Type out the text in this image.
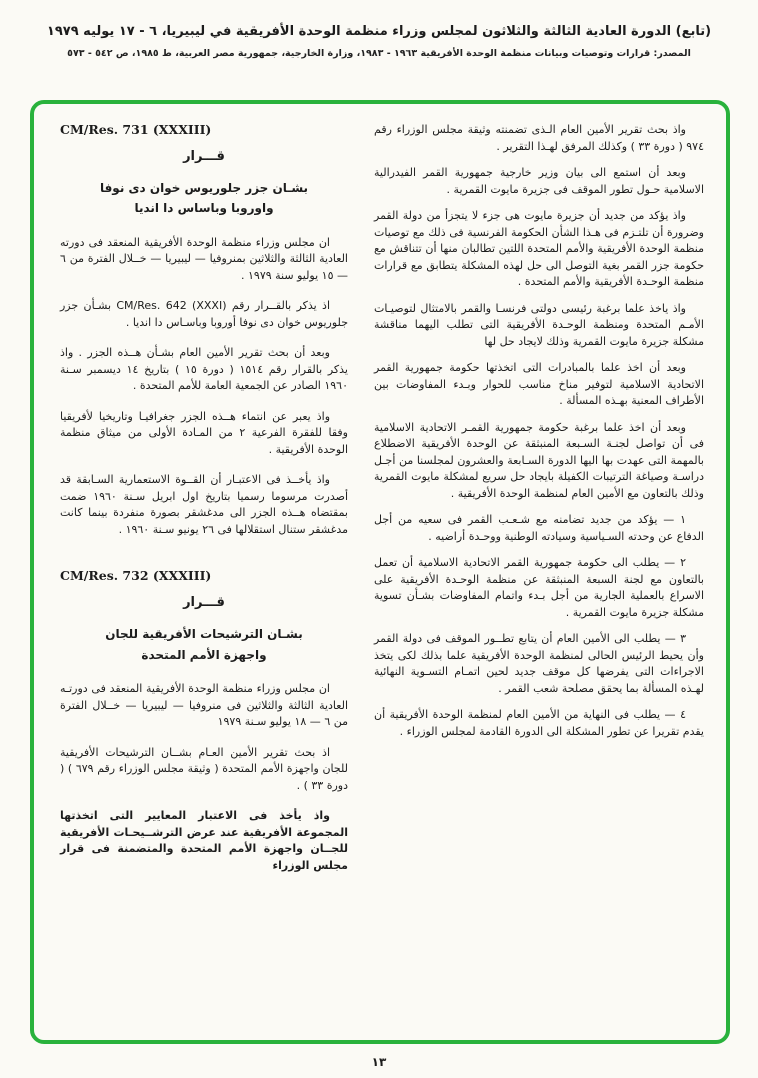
(تابع) الدورة العادية الثالثة والثلاثون لمجلس وزراء منظمة الوحدة الأفريقية في ليبيريا، ٦ - ١٧ يوليه ١٩٧٩
المصدر: قرارات وتوصيات وبيانات منظمة الوحدة الأفريقية ١٩٦٣ - ١٩٨٣، وزارة الخارجية، جمهورية مصر العربية، ط ١٩٨٥، ص ٥٤٢ - ٥٧٣

واذ بحث تقرير الأمين العام الـذى تضمنته وثيقة مجلس الوزراء رقم ٩٧٤ ( دورة ٣٣ ) وكذلك المرفق لهـذا التقرير .

وبعد أن استمع الى بيان وزير خارجية جمهورية القمر الفيدرالية الاسلامية حـول تطور الموقف فى جزيرة مايوت القمرية .

واذ يؤكد من جديد أن جزيرة مايوت هى جزء لا يتجزأ من دولة القمر وضرورة أن تلتـزم فى هـذا الشأن الحكومة الفرنسية فى ذلك مع توصيات منظمة الوحدة الأفريقية والأمم المتحدة اللتين تطالبان منها أن تتناقش مع حكومة جزر القمر بغية التوصل الى حل لهذه المشكلة يتطابق مع قرارات منظمة الوحـدة الأفريقية والأمم المتحدة .

واذ ياخذ علما برغبة رئيسى دولتى فرنسـا والقمر بالامتثال لتوصيـات الأمـم المتحدة ومنظمة الوحـدة الأفريقية التى تطلب اليهما مناقشة مشكلة جزيرة مايوت القمرية وذلك لايجاد حل لها

وبعد أن اخذ علما بالمبادرات التى اتخذتها حكومة جمهورية القمر الاتحادية الاسلامية لتوفير مناخ مناسب للحوار وبـدء المفاوضات بين الأطراف المعنية بهـذه المسألة .

وبعد أن اخذ علما برغبة حكومة جمهورية القمـر الاتحادية الاسلامية فى أن تواصل لجنـة السـبعة المنبثقة عن الوحدة الأفريقية الاضطلاع بالمهمة التى عهدت بها اليها الدورة السـابعة والعشرون لمجلسنا من أجـل دراسـة وصياغة الترتيبات الكفيلة بايجاد حل سريع لمشكلة مايوت القمرية وذلك بالتعاون مع الأمين العام لمنظمة الوحدة الأفريقية .

١ — يؤكد من جديد تضامنه مع شـعـب القمر فى سعيه من أجل الدفاع عن وحدته السـياسية وسيادته الوطنية ووحـدة أراضيه .

٢ — يطلب الى حكومة جمهورية القمر الاتحادية الاسلامية أن تعمل بالتعاون مع لجنة السبعة المنبثقة عن منظمة الوحـدة الأفريقية على الاسراع بالعملية الجارية من أجل بـدء واتمام المفاوضات بشـأن تسوية مشكلة جزيرة مايوت القمرية .

٣ — يطلب الى الأمين العام أن يتابع تطــور الموقف فى دولة القمر وأن يحيط الرئيس الحالى لمنظمة الوحدة الأفريقية علما بذلك لكى يتخذ الاجراءات التى يفرضها كل موقف جديد لحين اتمـام التسـوية النهائية لهـذه المسألة بما يحقق مصلحة شعب القمر .

٤ — يطلب فى النهاية من الأمين العام لمنظمة الوحدة الأفريقية أن يقدم تقريرا عن تطور المشكلة الى الدورة القادمة لمجلس الوزراء .

CM/Res. 731 (XXXIII)
قـــرار
بشـان جزر جلوريوس خوان دى نوفا
واوروبا وباساس دا انديا

ان مجلس وزراء منظمة الوحدة الأفريقية المنعقد فى دورته العادية الثالثة والثلاثين بمنروفيا — ليبيريا — خــلال الفترة من ٦ — ١٥ يوليو سنة ١٩٧٩ .

اذ يذكر بالقــرار رقم CM/Res. 642 (XXXI) بشـأن جزر جلوريوس خوان دى نوفا أوروبا وباسـاس دا انديا .

وبعد أن بحث تقرير الأمين العام بشـأن هــذه الجزر . واذ يذكر بالقرار رقم ١٥١٤ ( دورة ١٥ ) بتاريخ ١٤ ديسمبر سـنة ١٩٦٠ الصادر عن الجمعية العامة للأمم المتحدة .

واذ يعبر عن انتماء هــذه الجزر جغرافيـا وتاريخيا لأفريقيا وفقا للفقرة الفرعية ٢ من المـادة الأولى من ميثاق منظمة الوحدة الأفريقية .

واذ يأخــذ فى الاعتبـار أن القــوة الاستعمارية السـابقة قد أصدرت مرسوما رسميا بتاريخ اول ابريل سـنة ١٩٦٠ ضمت بمقتضاه هــذه الجزر الى مدغشقر بصورة منفردة بينما كانت مدغشقر ستنال استقلالها فى ٢٦ يونيو سـنة ١٩٦٠ .

CM/Res. 732 (XXXIII)
قـــرار
بشـان الترشيحات الأفريقية للجان
واجهزة الأمم المتحدة

ان مجلس وزراء منظمة الوحدة الأفريقية المنعقد فى دورتـه العادية الثالثة والثلاثين فى منروفيا — ليبيريا — خــلال الفترة من ٦ — ١٨ يوليو سـنة ١٩٧٩

اذ بحث تقرير الأمين العـام بشــان الترشيحات الأفريقية للجان واجهزة الأمم المتحدة ( وثيقة مجلس الوزراء رقم ٦٧٩ ) ( دورة ٣٣ ) .

واذ يأخذ فى الاعتبار المعايير التى اتخذتها المجموعة الأفريقية عند عرض الترشــيحـات الأفريقية للجــان واجهزة الأمم المتحدة والمتضمنة فى قرار مجلس الوزراء

١٣
